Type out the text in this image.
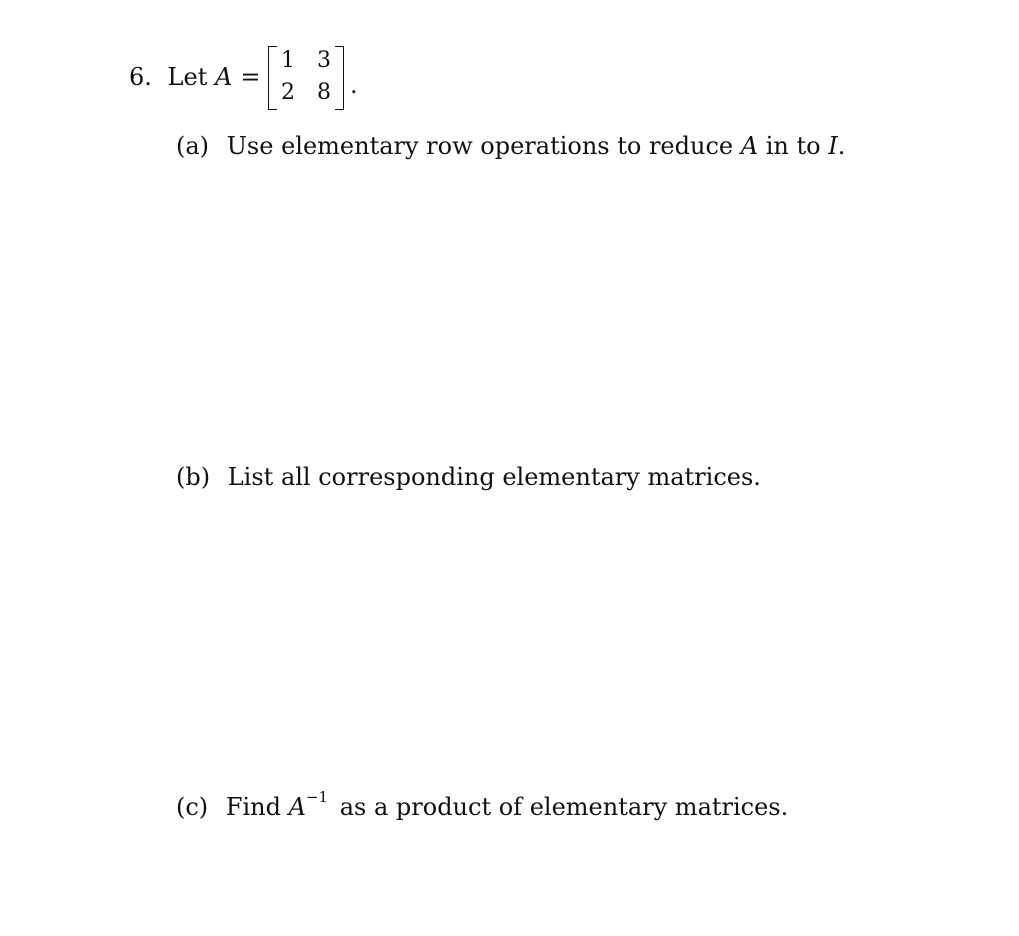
6. Let A =
1 3
2 8 .
(a) Use elementary row operations to reduce A in to I.
(b) List all corresponding elementary matrices.
(c) Find $A^{-1}$ as a product of elementary matrices.
